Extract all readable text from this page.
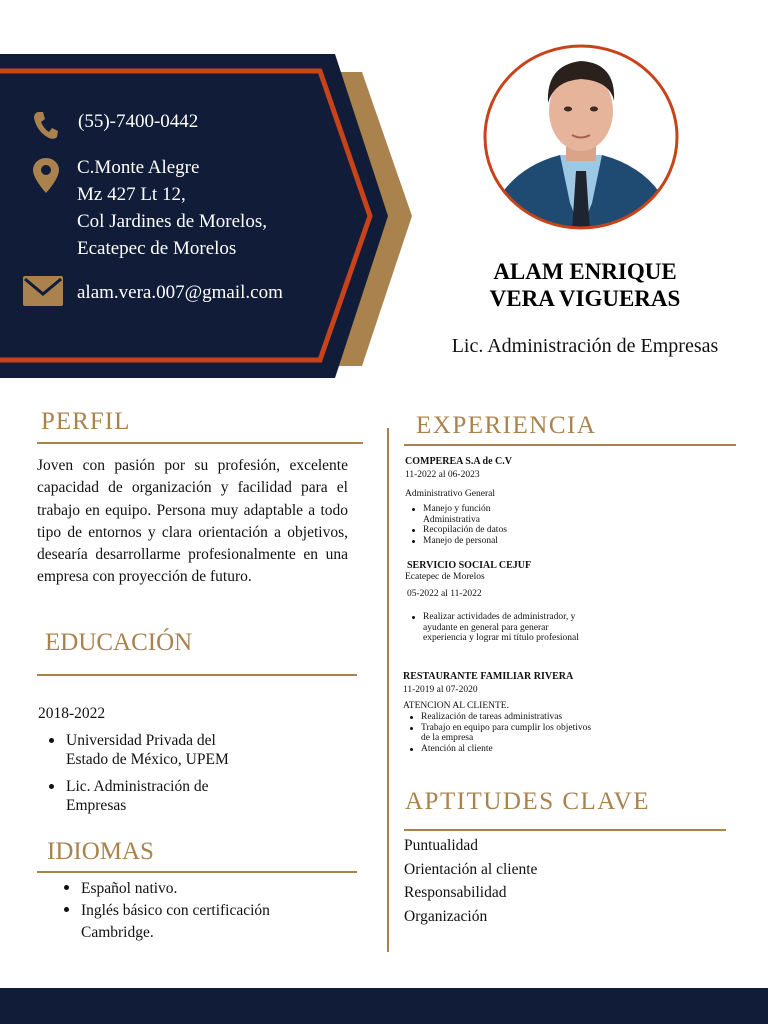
(55)-7400-0442
C.Monte Alegre
Mz 427 Lt 12,
Col Jardines de Morelos,
Ecatepec de Morelos
alam.vera.007@gmail.com
ALAM ENRIQUE
VERA VIGUERAS
Lic. Administración de Empresas
PERFIL
Joven con pasión por su profesión, excelente capacidad de organización y facilidad para el trabajo en equipo. Persona muy adaptable a todo tipo de entornos y clara orientación a objetivos, desearía desarrollarme profesionalmente en una empresa con proyección de futuro.
EDUCACIÓN
2018-2022
Universidad Privada del Estado de México, UPEM
Lic. Administración de Empresas
IDIOMAS
Español nativo.
Inglés básico con certificación Cambridge.
EXPERIENCIA
COMPEREA S.A de C.V
11-2022 al 06-2023
Administrativo General
Manejo y función Administrativa
Recopilación de datos
Manejo de personal
SERVICIO SOCIAL CEJUF
Ecatepec de Morelos
05-2022 al 11-2022
Realizar actividades de administrador, y ayudante en general para generar experiencia y lograr mi título profesional
RESTAURANTE FAMILIAR RIVERA
11-2019 al 07-2020
ATENCION AL CLIENTE.
Realización de tareas administrativas
Trabajo en equipo para cumplir los objetivos de la empresa
Atención al cliente
APTITUDES CLAVE
Puntualidad
Orientación al cliente
Responsabilidad
Organización
